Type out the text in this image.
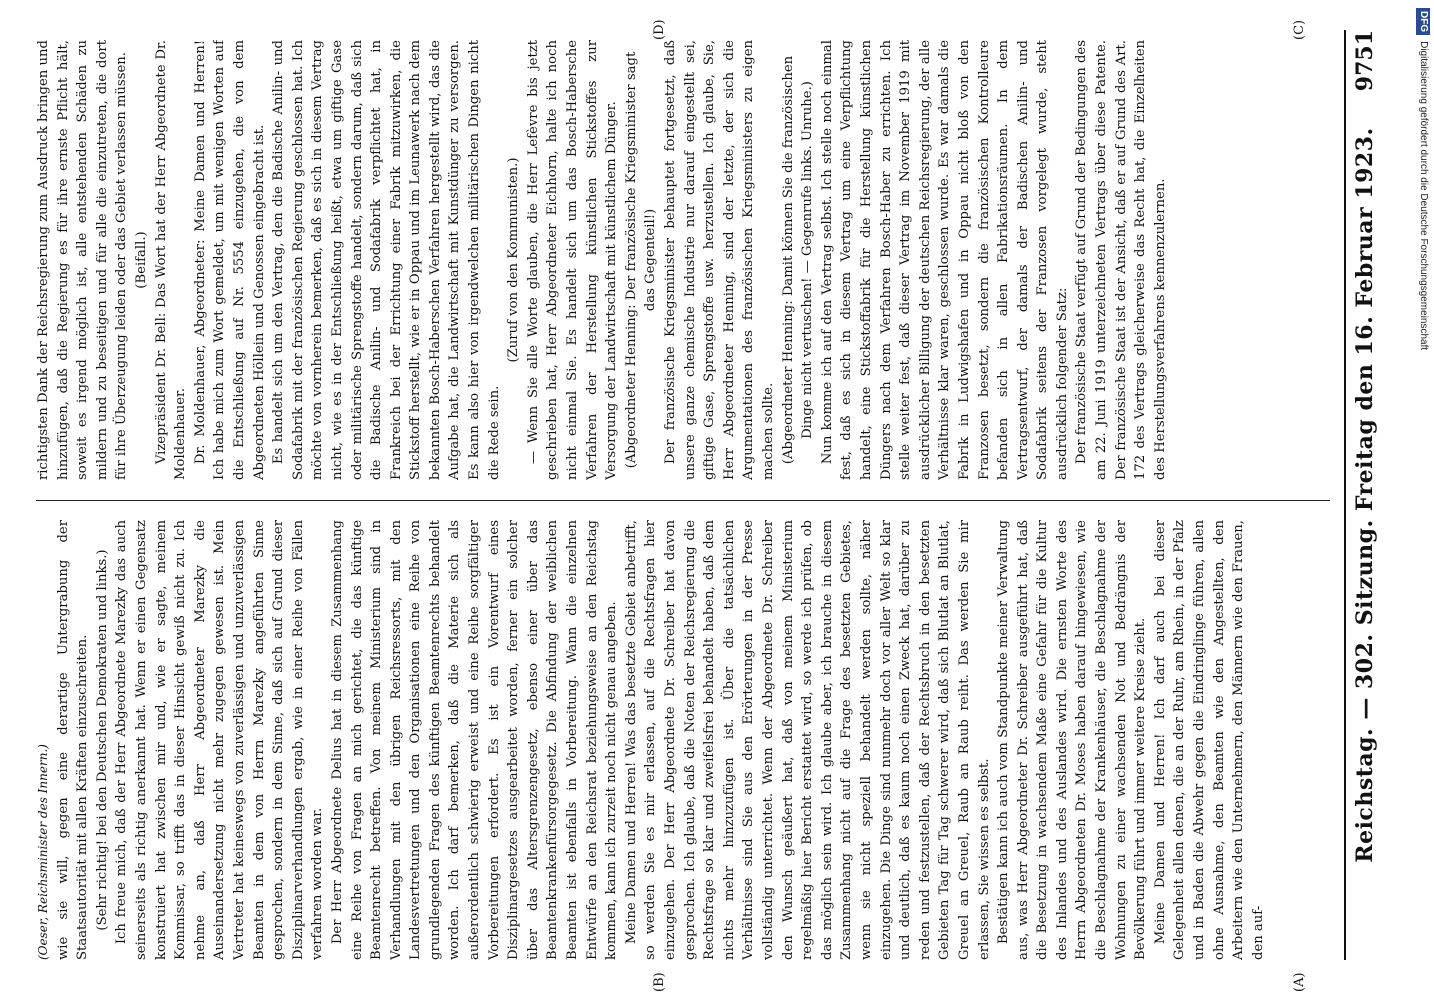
Reichstag. — 302. Sitzung. Freitag den 16. Februar 1923.
9751

(Oeser, Reichsminister des Innern.) wie sie will, gegen eine derartige Untergrabung der Staatsautorität mit allen Kräften einzuschreiten. (Sehr richtig! bei den Deutschen Demokraten und links.) Ich freue mich, daß der Herr Abgeordnete Marezky das auch seinerseits als richtig anerkannt hat. Wenn er einen Gegensatz konstruiert hat zwischen mir und, wie er sagte, meinem Kommissar, so trifft das in dieser Hinsicht gewiß nicht zu. Ich nehme an, daß Herr Abgeordneter Marezky die Auseinandersetzung nicht mehr zugegen gewesen ist. Mein Vertreter hat keineswegs von zuverlässigen und unzuverlässigen Beamten in dem von Herrn Marezky angeführten Sinne gesprochen, sondern in dem Sinne, daß sich auf Grund dieser Disziplinarverhandlungen ergab, wie in einer Reihe von Fällen verfahren worden war. Der Herr Abgeordnete Delius hat in diesem Zusammenhang eine Reihe von Fragen an mich gerichtet, die das künftige Beamtenrecht betreffen. Von meinem Ministerium sind in Verhandlungen mit den übrigen Reichsressorts, mit den Landesvertretungen und den Organisationen eine Reihe von grundlegenden Fragen des künftigen Beamtenrechts behandelt worden. Ich darf bemerken, daß die Materie sich als außerordentlich schwierig erweist und eine Reihe sorgfältiger Vorbereitungen erfordert. Es ist ein Vorentwurf eines Disziplinargesetzes ausgearbeitet worden, ferner ein solcher über das Altersgrenzengesetz, ebenso einer über das Beamtenkrankenfürsorgegesetz. Die Abfindung der weiblichen Beamten ist ebenfalls in Vorbereitung. Wann die einzelnen Entwürfe an den Reichsrat beziehungsweise an den Reichstag kommen, kann ich zurzeit noch nicht genau angeben. Meine Damen und Herren! Was das besetzte Gebiet anbetrifft, so werden Sie es mir erlassen, auf die Rechtsfragen hier einzugehen. Der Herr Abgeordnete Dr. Schreiber hat davon gesprochen. Ich glaube, daß die Noten der Reichsregierung die Rechtsfrage so klar und zweifelsfrei behandelt haben, daß dem nichts mehr hinzuzufügen ist. Über die tatsächlichen Verhältnisse sind Sie aus den Erörterungen in der Presse vollständig unterrichtet. Wenn der Abgeordnete Dr. Schreiber den Wunsch geäußert hat, daß von meinem Ministerium regelmäßig hier Bericht erstattet wird, so werde ich prüfen, ob das möglich sein wird. Ich glaube aber, ich brauche in diesem Zusammenhang nicht auf die Frage des besetzten Gebietes, wenn sie nicht speziell behandelt werden sollte, näher einzugehen. Die Dinge sind nunmehr doch vor aller Welt so klar und deutlich, daß es kaum noch einen Zweck hat, darüber zu reden und festzustellen, daß der Rechtsbruch in den besetzten Gebieten Tag für Tag schwerer wird, daß sich Blutlat an Blutlat, Greuel an Greuel, Raub an Raub reiht. Das werden Sie mir erlassen, Sie wissen es selbst. Bestätigen kann ich auch vom Standpunkte meiner Verwaltung aus, was Herr Abgeordneter Dr. Schreiber ausgeführt hat, daß die Besetzung in wachsendem Maße eine Gefahr für die Kultur des Inlandes und des Auslandes wird. Die ernsten Worte des Herrn Abgeordneten Dr. Moses haben darauf hingewiesen, wie die Beschlagnahme der Krankenhäuser, die Beschlagnahme der Wohnungen zu einer wachsenden Not und Bedrängnis der Bevölkerung führt und immer weitere Kreise zieht. Meine Damen und Herren! Ich darf auch bei dieser Gelegenheit allen denen, die an der Ruhr, am Rhein, in der Pfalz und in Baden die Abwehr gegen die Eindringlinge führen, allen ohne Ausnahme, den Beamten wie den Angestellten, den Arbeitern wie den Unternehmern, den Männern wie den Frauen, den auf-

richtigsten Dank der Reichsregierung zum Ausdruck bringen und hinzufügen, daß die Regierung es für ihre ernste Pflicht hält, soweit es irgend möglich ist, alle entstehenden Schäden zu mildern und zu beseitigen und für alle die einzutreten, die dort für ihre Überzeugung leiden oder das Gebiet verlassen müssen. (Beifall.) Vizepräsident Dr. Bell: Das Wort hat der Herr Abgeordnete Dr. Moldenhauer. Dr. Moldenhauer, Abgeordneter: Meine Damen und Herren! Ich habe mich zum Wort gemeldet, um mit wenigen Worten auf die Entschließung auf Nr. 5554 einzugehen, die von dem Abgeordneten Höllein und Genossen eingebracht ist. Es handelt sich um den Vertrag, den die Badische Anilin- und Sodafabrik mit der französischen Regierung geschlossen hat. Ich möchte von vornherein bemerken, daß es sich in diesem Vertrag nicht, wie es in der Entschließung heißt, etwa um giftige Gase oder militärische Sprengstoffe handelt, sondern darum, daß sich die Badische Anilin- und Sodafabrik verpflichtet hat, in Frankreich bei der Errichtung einer Fabrik mitzuwirken, die Stickstoff herstellt, wie er in Oppau und im Leunawerk nach dem bekannten Bosch-Haberschen Verfahren hergestellt wird, das die Aufgabe hat, die Landwirtschaft mit Kunstdünger zu versorgen. Es kann also hier von irgendwelchen militärischen Dingen nicht die Rede sein.

(Zuruf von den Kommunisten.) — Wenn Sie alle Worte glauben, die Herr Lefèvre bis jetzt geschrieben hat, Herr Abgeordneter Eichhorn, halte ich noch nicht einmal Sie. Es handelt sich um das Bosch-Habersche Verfahren der Herstellung künstlichen Stickstoffes zur Versorgung der Landwirtschaft mit künstlichem Dünger. (Abgeordneter Henning: Der französische Kriegsminister sagt das Gegenteil!) Der französische Kriegsminister behauptet fortgesetzt, daß unsere ganze chemische Industrie nur darauf eingestellt sei, giftige Gase, Sprengstoffe usw. herzustellen. Ich glaube, Sie, Herr Abgeordneter Henning, sind der letzte, der sich die Argumentationen des französischen Kriegsministers zu eigen machen sollte. (Abgeordneter Henning: Damit können Sie die französischen Dinge nicht vertuschen! — Gegenrufe links. Unruhe.) Nun komme ich auf den Vertrag selbst. Ich stelle noch einmal fest, daß es sich in diesem Vertrag um eine Verpflichtung handelt, eine Stickstoffabrik für die Herstellung künstlichen Düngers nach dem Verfahren Bosch-Haber zu errichten. Ich stelle weiter fest, daß dieser Vertrag im November 1919 mit ausdrücklicher Billigung der deutschen Reichsregierung, der alle Verhältnisse klar waren, geschlossen wurde. Es war damals die Fabrik in Ludwigshafen und in Oppau nicht bloß von den Franzosen besetzt, sondern die französischen Kontrolleure befanden sich in allen Fabrikationsräumen. In dem Vertragsentwurf, der damals der Badischen Anilin- und Sodafabrik seitens der Franzosen vorgelegt wurde, steht ausdrücklich folgender Satz: Der französische Staat verfügt auf Grund der Bedingungen des am 22. Juni 1919 unterzeichneten Vertrags über diese Patente. Der französische Staat ist der Ansicht, daß er auf Grund des Art. 172 des Vertrags gleicherweise das Recht hat, die Einzelheiten des Herstellungsverfahrens kennenzulernen.

(A)
(B)
(C)
(D)	DFGDigitalisierung gefördert durch die Deutsche Forschungsgemeinschaft
